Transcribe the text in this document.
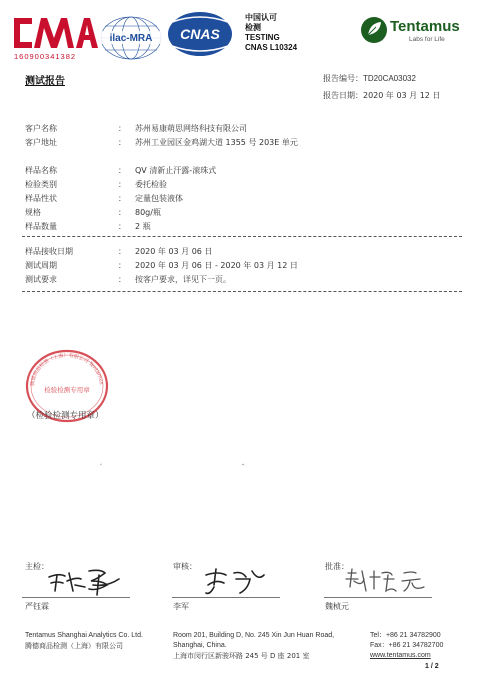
160900341382
ilac-MRA CNAS
中国认可
检测
TESTING
CNAS L10324
Tentamus
Labs for Life
测试报告	报告编号：TD20CA03032
报告日期：2020 年 03 月 12 日
客户名称	： 苏州易康萌思网络科技有限公司
客户地址	： 苏州工业园区金鸡湖大道 1355 号 203E 单元
样品名称	： QV 清新止汗露-滚珠式
检验类别	： 委托检验
样品性状	： 定量包装液体
规格	： 80g/瓶
样品数量	： 2 瓶
样品接收日期	： 2020 年 03 月 06 日
测试周期	： 2020 年 03 月 06 日 - 2020 年 03 月 12 日
测试要求	： 按客户要求，详见下一页。
腾德商品检测（上海）有限公司 Tentamus
检验检测专用章
（检验检测专用章）
主检：	审核：	批准：
李军	魏桢元
严钰霖	李军	魏桢元
Tentamus Shanghai Analytics Co. Ltd.
腾德商品检测（上海）有限公司
Room 201, Building D, No. 245 Xin Jun Huan Road,
Shanghai, China.
上海市闵行区新骏环路 245 号 D 座 201 室
Tel：+86 21 34782900
Fax：+86 21 34782700
www.tentamus.com
1 / 2
